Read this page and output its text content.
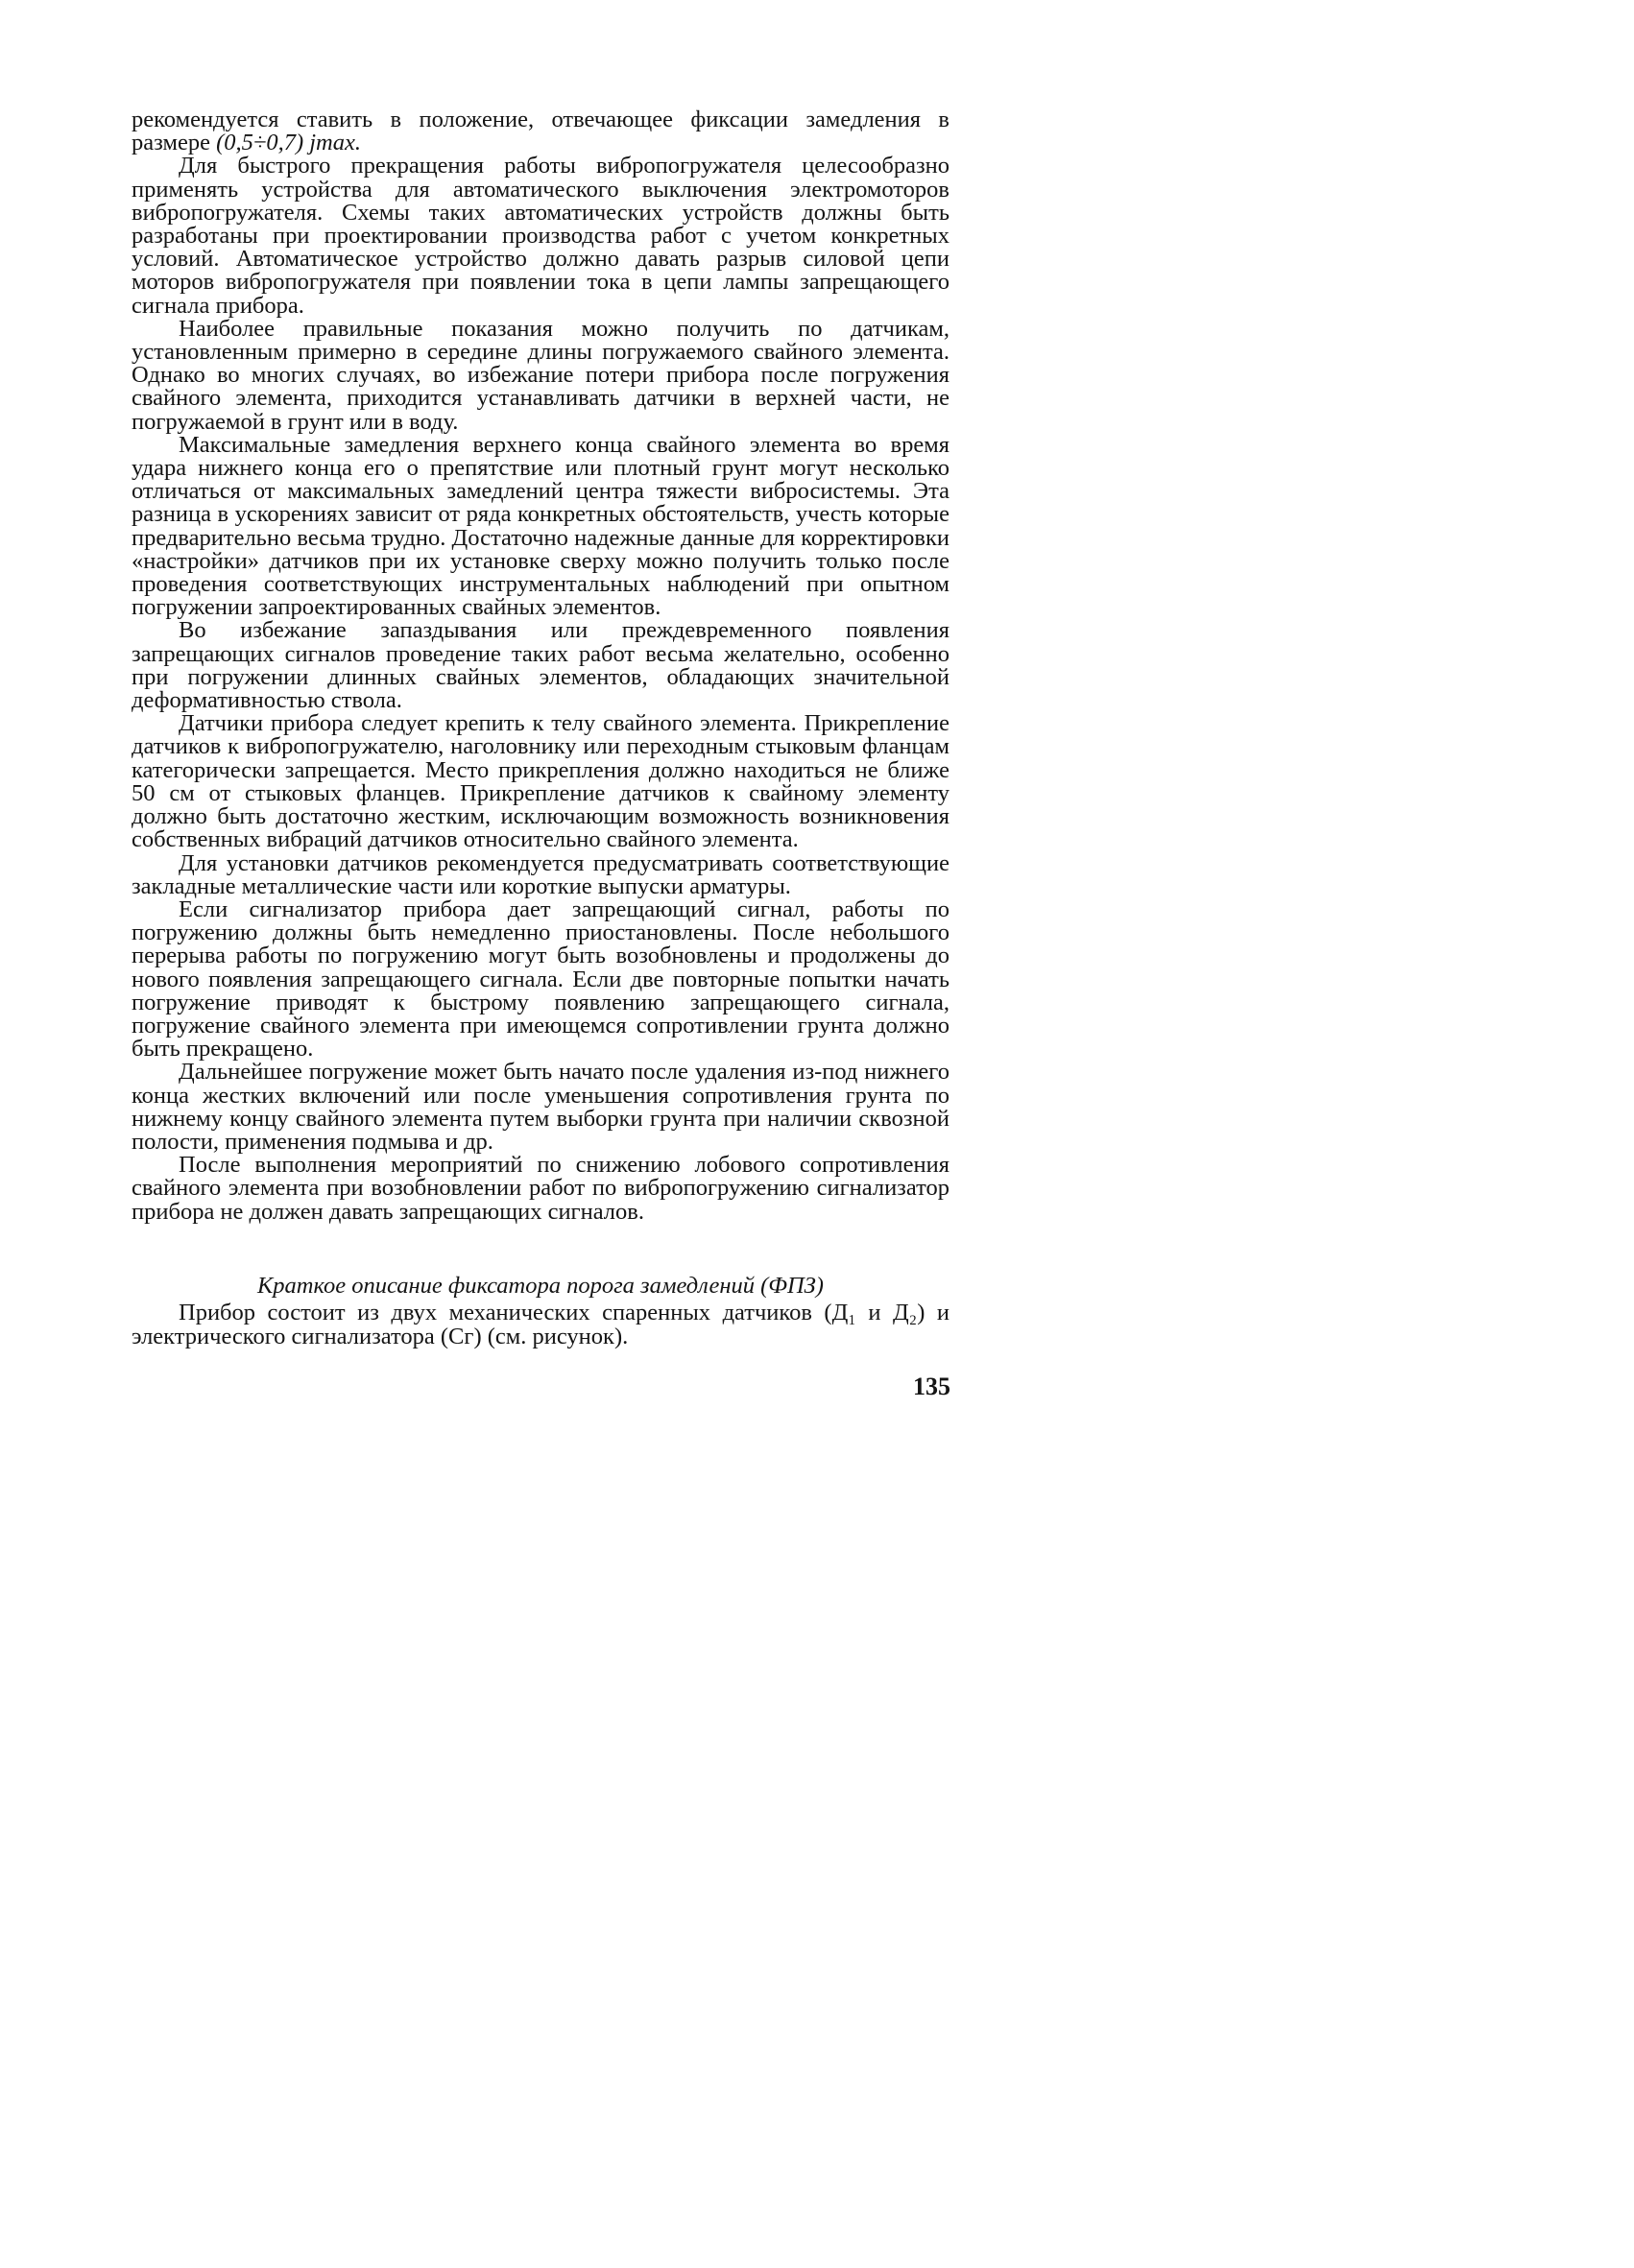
рекомендуется ставить в положение, отвечающее фиксации замедления в размере (0,5÷0,7) jmax.

Для быстрого прекращения работы вибропогружателя целесообразно применять устройства для автоматического выключения электромоторов вибропогружателя. Схемы таких автоматических устройств должны быть разработаны при проектировании производства работ с учетом конкретных условий. Автоматическое устройство должно давать разрыв силовой цепи моторов вибропогружателя при появлении тока в цепи лампы запрещающего сигнала прибора.

Наиболее правильные показания можно получить по датчикам, установленным примерно в середине длины погружаемого свайного элемента. Однако во многих случаях, во избежание потери прибора после погружения свайного элемента, приходится устанавливать датчики в верхней части, не погружаемой в грунт или в воду.

Максимальные замедления верхнего конца свайного элемента во время удара нижнего конца его о препятствие или плотный грунт могут несколько отличаться от максимальных замедлений центра тяжести вибросистемы. Эта разница в ускорениях зависит от ряда конкретных обстоятельств, учесть которые предварительно весьма трудно. Достаточно надежные данные для корректировки «настройки» датчиков при их установке сверху можно получить только после проведения соответствующих инструментальных наблюдений при опытном погружении запроектированных свайных элементов.

Во избежание запаздывания или преждевременного появления запрещающих сигналов проведение таких работ весьма желательно, особенно при погружении длинных свайных элементов, обладающих значительной деформативностью ствола.

Датчики прибора следует крепить к телу свайного элемента. Прикрепление датчиков к вибропогружателю, наголовнику или переходным стыковым фланцам категорически запрещается. Место прикрепления должно находиться не ближе 50 см от стыковых фланцев. Прикрепление датчиков к свайному элементу должно быть достаточно жестким, исключающим возможность возникновения собственных вибраций датчиков относительно свайного элемента.

Для установки датчиков рекомендуется предусматривать соответствующие закладные металлические части или короткие выпуски арматуры.

Если сигнализатор прибора дает запрещающий сигнал, работы по погружению должны быть немедленно приостановлены. После небольшого перерыва работы по погружению могут быть возобновлены и продолжены до нового появления запрещающего сигнала. Если две повторные попытки начать погружение приводят к быстрому появлению запрещающего сигнала, погружение свайного элемента при имеющемся сопротивлении грунта должно быть прекращено.

Дальнейшее погружение может быть начато после удаления из-под нижнего конца жестких включений или после уменьшения сопротивления грунта по нижнему концу свайного элемента путем выборки грунта при наличии сквозной полости, применения подмыва и др.

После выполнения мероприятий по снижению лобового сопротивления свайного элемента при возобновлении работ по вибропогружению сигнализатор прибора не должен давать запрещающих сигналов.

Краткое описание фиксатора порога замедлений (ФПЗ)

Прибор состоит из двух механических спаренных датчиков (Д₁ и Д₂) и электрического сигнализатора (Сг) (см. рисунок).

135
